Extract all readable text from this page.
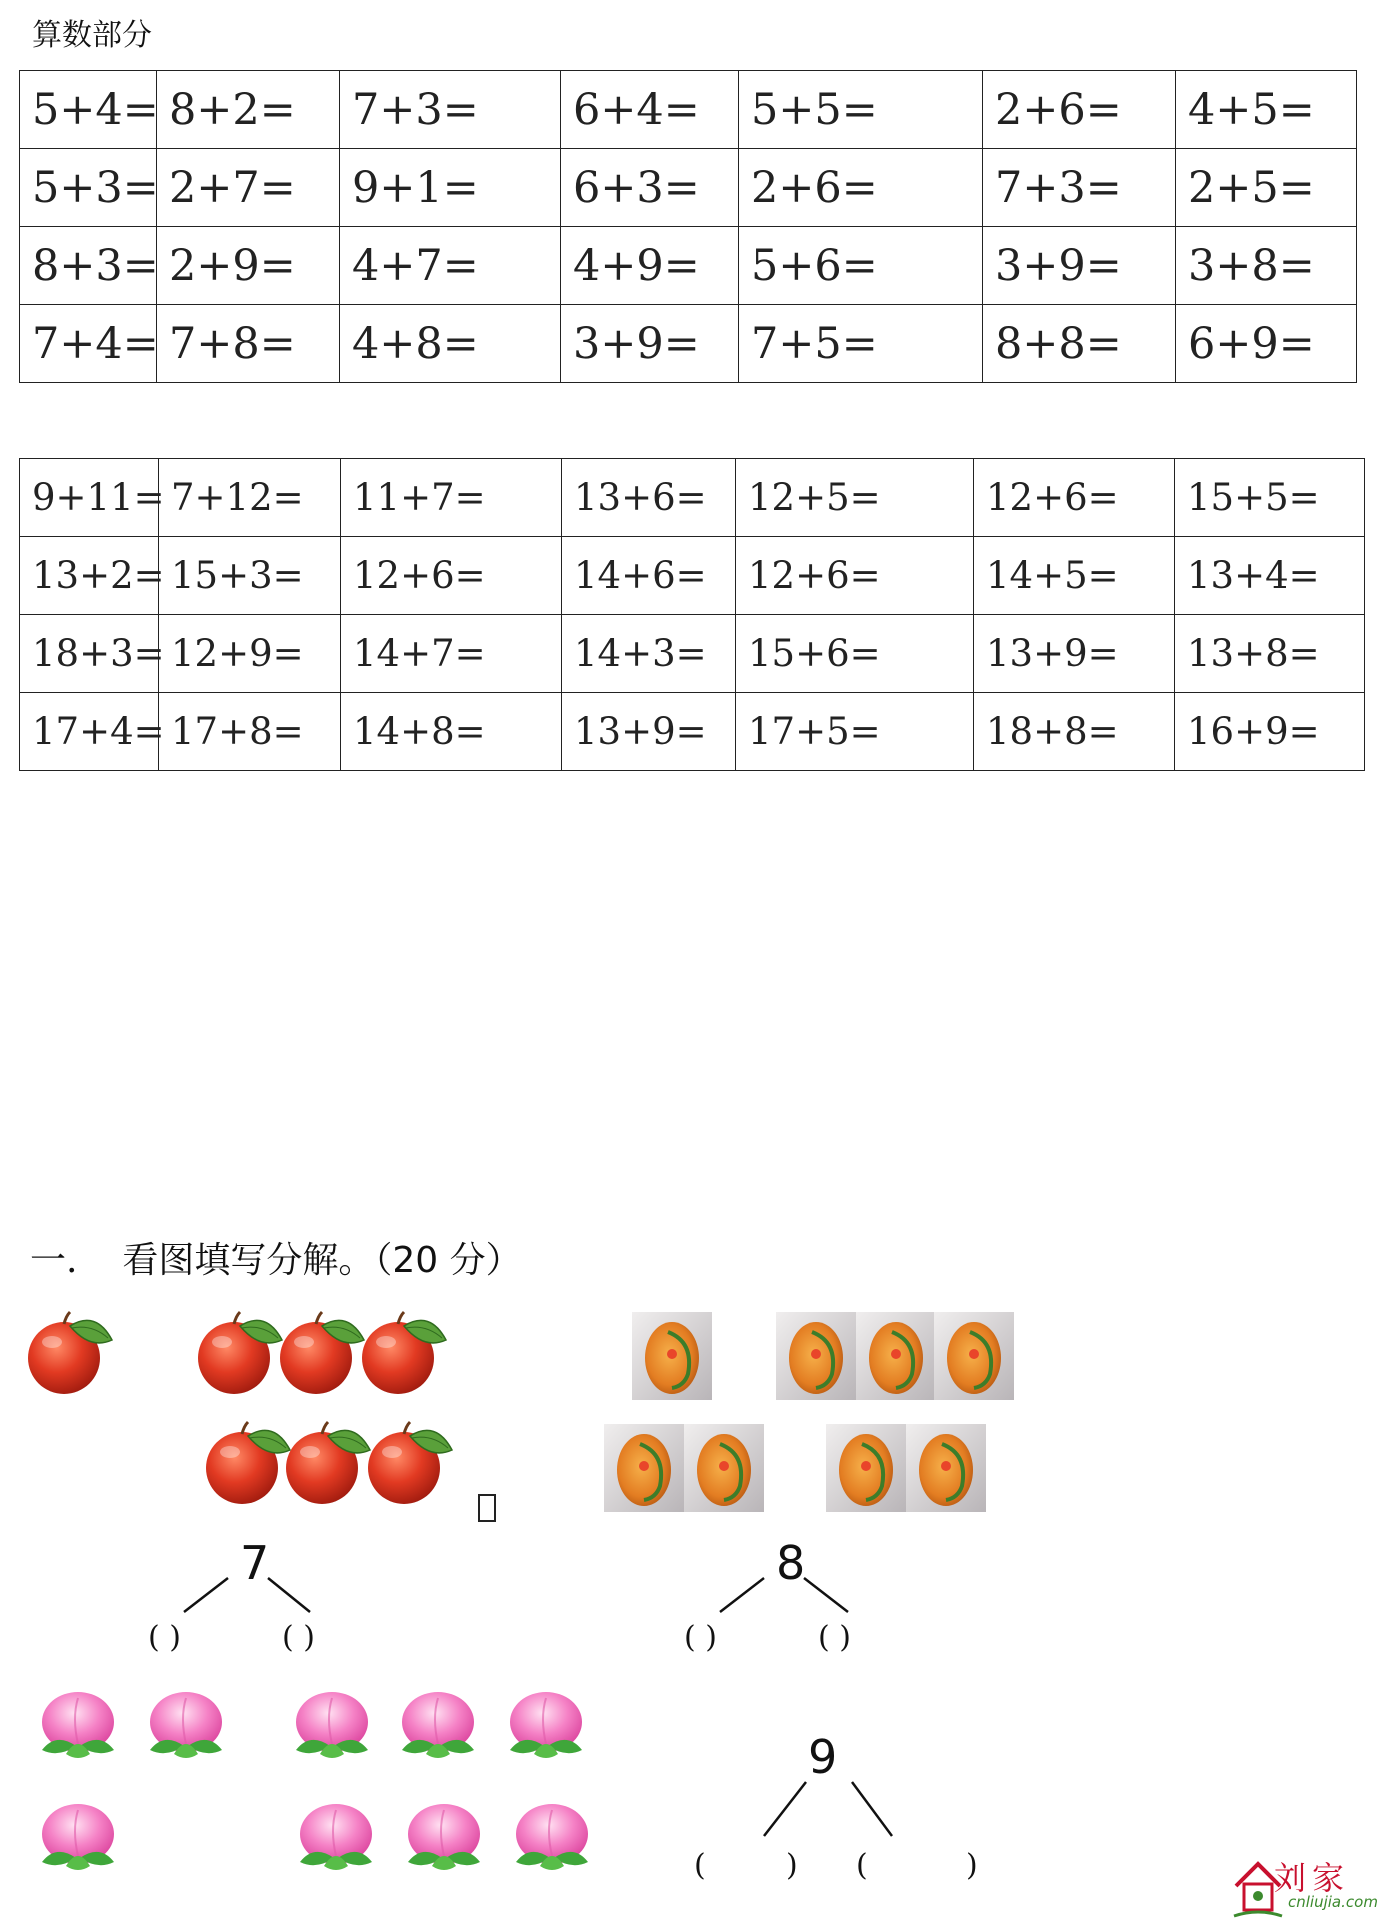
算数部分
5+4=	8+2=	7+3=	6+4=	5+5=	2+6=	4+5=
5+3=	2+7=	9+1=	6+3=	2+6=	7+3=	2+5=
8+3=	2+9=	4+7=	4+9=	5+6=	3+9=	3+8=
7+4=	7+8=	4+8=	3+9=	7+5=	8+8=	6+9=
9+11=	7+12=	11+7=	13+6=	12+5=	12+6=	15+5=
13+2=	15+3=	12+6=	14+6=	12+6=	14+5=	13+4=
18+3=	12+9=	14+7=	14+3=	15+6=	13+9=	13+8=
17+4=	17+8=	14+8=	13+9=	17+5=	18+8=	16+9=
一. 看图填写分解。（20 分）
7
( )	( )
8
( )	( )
9
(	) (	)	刘家
cnliujia.com
